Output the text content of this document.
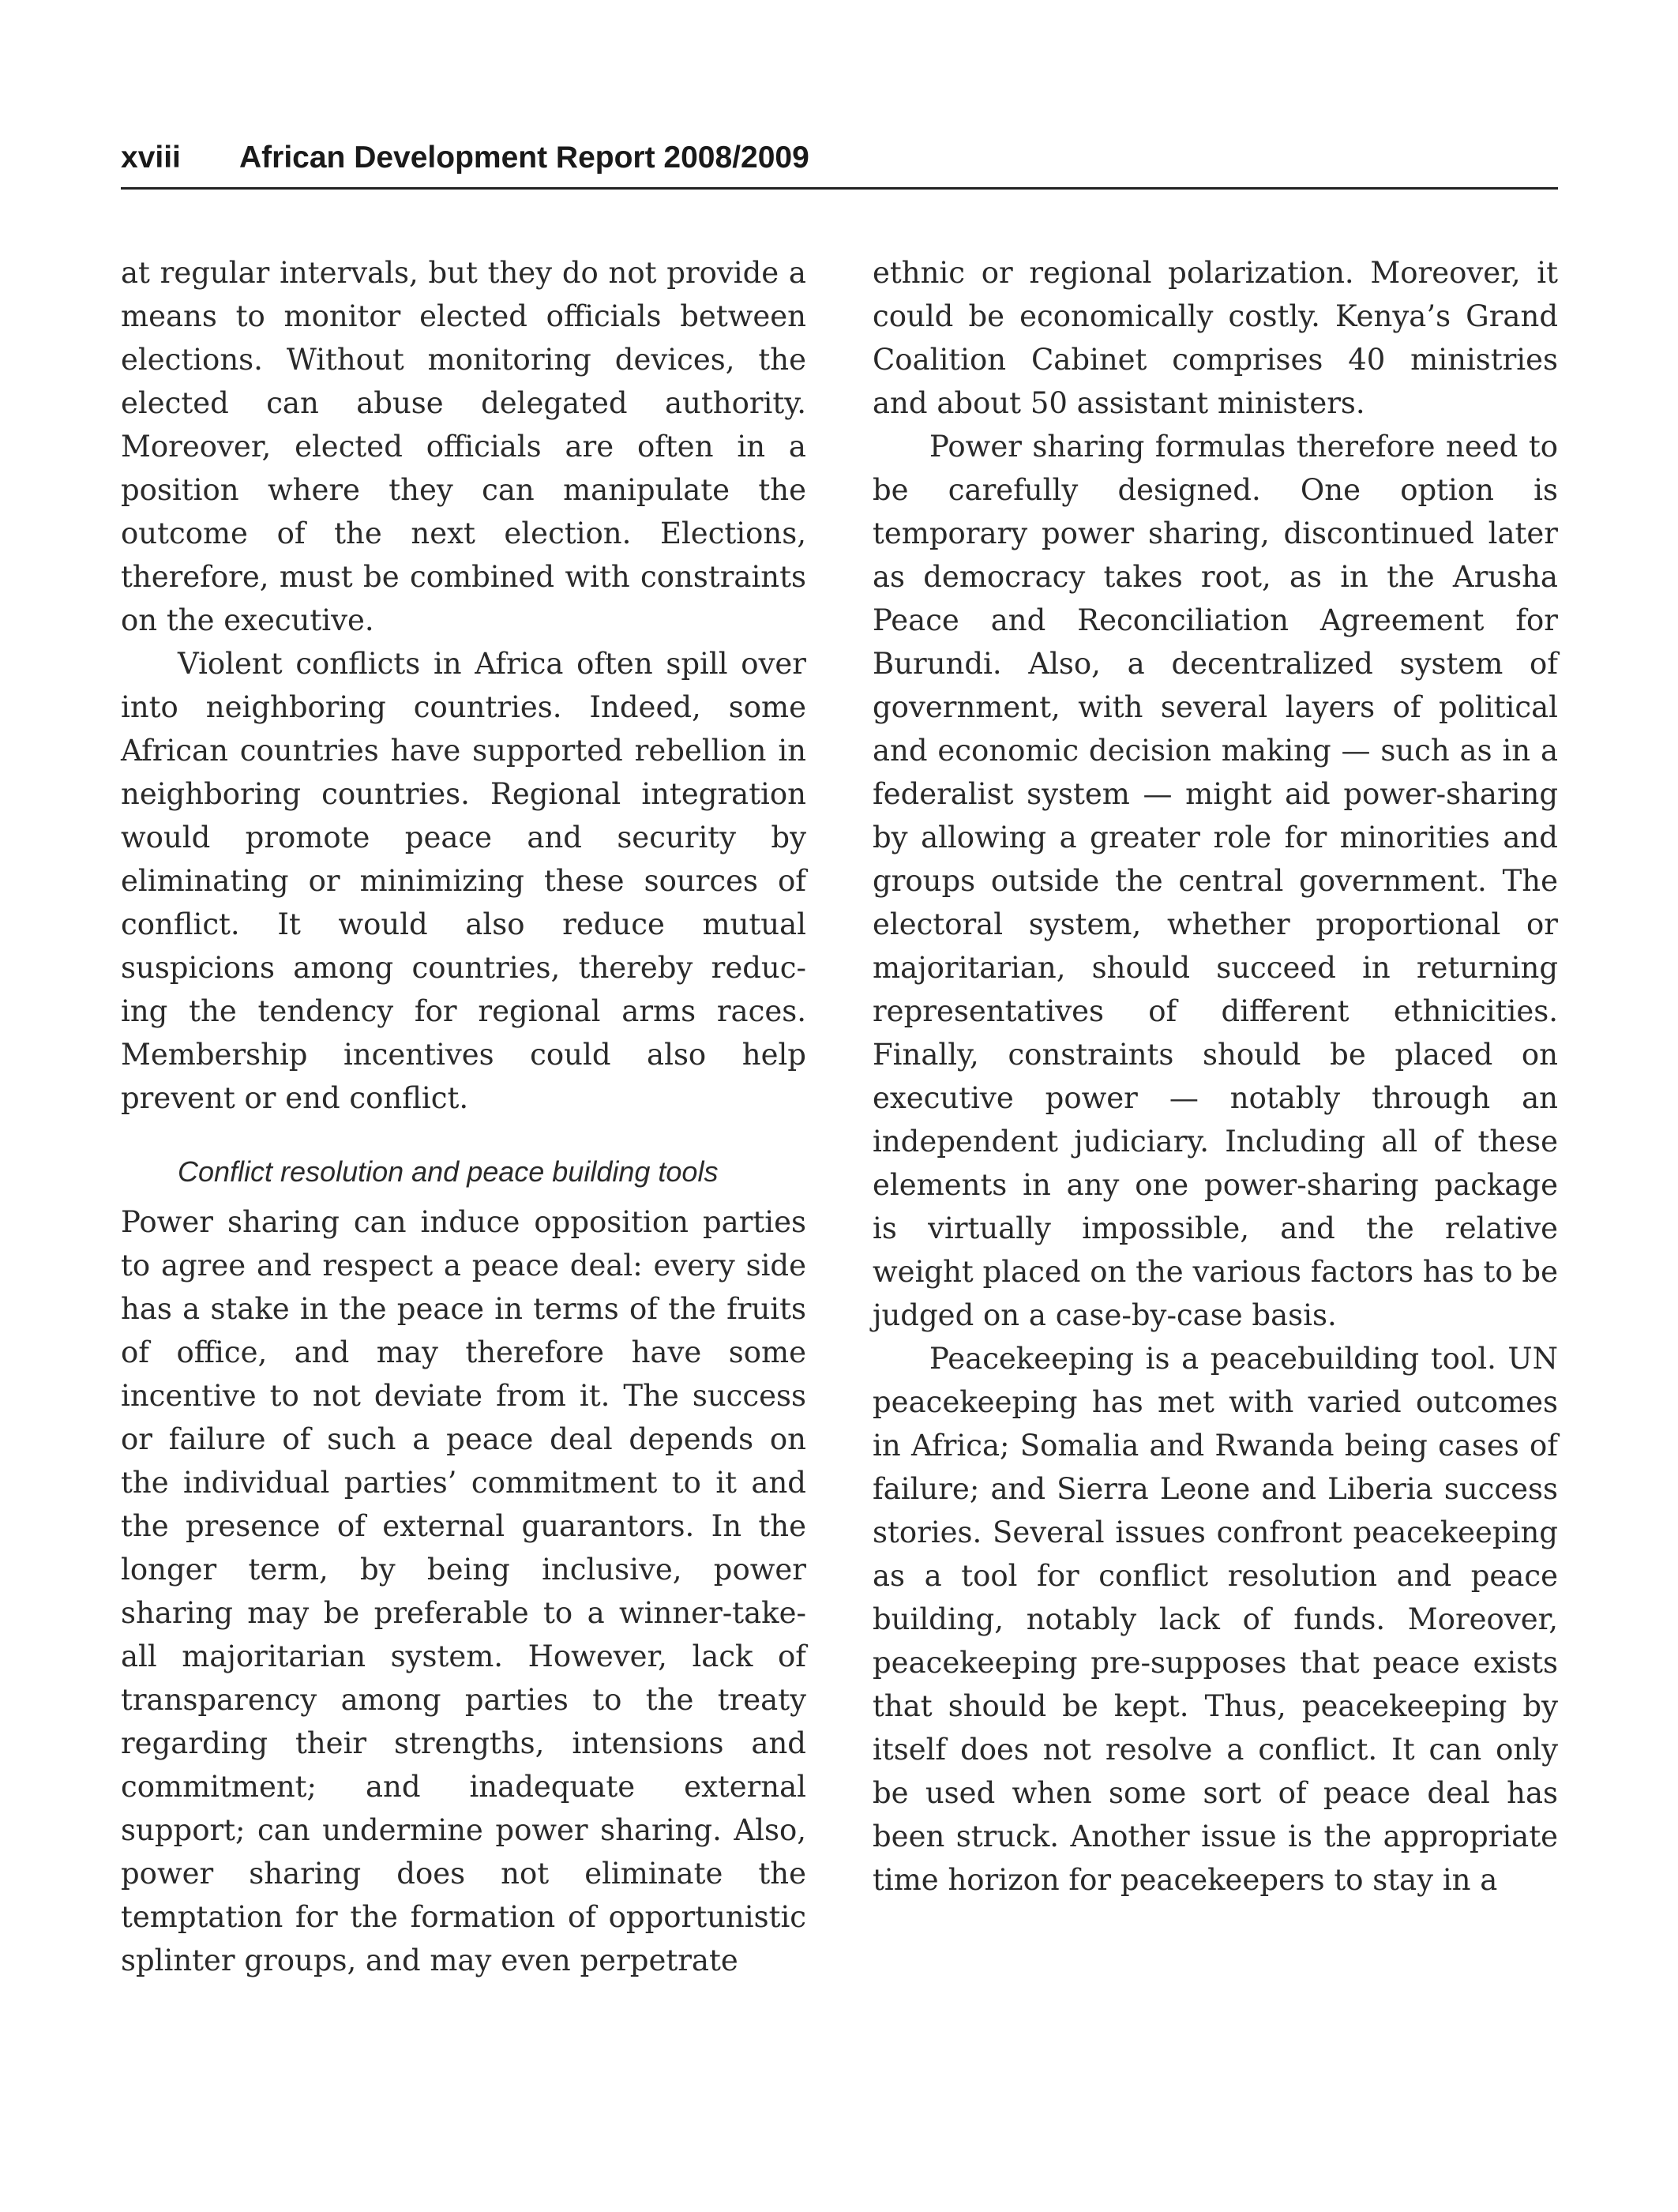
xviii African Development Report 2008/2009

at regular intervals, but they do not provide a means to monitor elected officials between elections. Without monitoring devices, the elected can abuse delegated authority. Moreover, elected officials are often in a position where they can manipulate the outcome of the next election. Elections, therefore, must be combined with constraints on the executive.

Violent conflicts in Africa often spill over into neighboring countries. Indeed, some African countries have supported rebellion in neighboring countries. Regional integration would promote peace and security by eliminating or minimizing these sources of conflict. It would also reduce mutual suspicions among countries, thereby reducing the tendency for regional arms races. Membership incentives could also help prevent or end conflict.

Conflict resolution and peace building tools

Power sharing can induce opposition parties to agree and respect a peace deal: every side has a stake in the peace in terms of the fruits of office, and may therefore have some incentive to not deviate from it. The success or failure of such a peace deal depends on the individual parties’ commitment to it and the presence of external guarantors. In the longer term, by being inclusive, power sharing may be preferable to a winner-take-all majoritarian system. However, lack of transparency among parties to the treaty regarding their strengths, intensions and commitment; and inadequate external support; can undermine power sharing. Also, power sharing does not eliminate the temptation for the formation of opportunistic splinter groups, and may even perpetrate

ethnic or regional polarization. Moreover, it could be economically costly. Kenya’s Grand Coalition Cabinet comprises 40 ministries and about 50 assistant ministers.

Power sharing formulas therefore need to be carefully designed. One option is temporary power sharing, discontinued later as democracy takes root, as in the Arusha Peace and Reconciliation Agreement for Burundi. Also, a decentralized system of government, with several layers of political and economic decision making — such as in a federalist system — might aid power-sharing by allowing a greater role for minorities and groups outside the central government. The electoral system, whether proportional or majoritarian, should succeed in returning representatives of different ethnicities. Finally, constraints should be placed on executive power — notably through an independent judiciary. Including all of these elements in any one power-sharing package is virtually impossible, and the relative weight placed on the various factors has to be judged on a case-by-case basis.

Peacekeeping is a peacebuilding tool. UN peacekeeping has met with varied outcomes in Africa; Somalia and Rwanda being cases of failure; and Sierra Leone and Liberia success stories. Several issues confront peacekeeping as a tool for conflict resolution and peace building, notably lack of funds. Moreover, peacekeeping pre-supposes that peace exists that should be kept. Thus, peacekeeping by itself does not resolve a conflict. It can only be used when some sort of peace deal has been struck. Another issue is the appropriate time horizon for peacekeepers to stay in a
